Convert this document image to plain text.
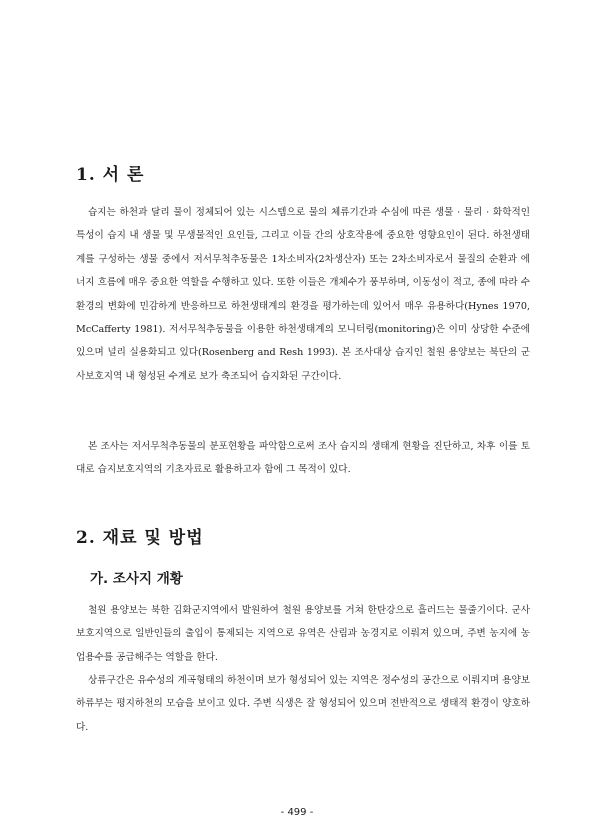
1. 서 론

습지는 하천과 달리 물이 정체되어 있는 시스템으로 물의 체류기간과 수심에 따른 생물 · 물리 · 화학적인 특성이 습지 내 생물 및 무생물적인 요인들, 그리고 이들 간의 상호작용에 중요한 영향요인이 된다. 하천생태계를 구성하는 생물 중에서 저서무척추동물은 1차소비자(2차생산자) 또는 2차소비자로서 물질의 순환과 에너지 흐름에 매우 중요한 역할을 수행하고 있다. 또한 이들은 개체수가 풍부하며, 이동성이 적고, 종에 따라 수환경의 변화에 민감하게 반응하므로 하천생태계의 환경을 평가하는데 있어서 매우 유용하다(Hynes 1970, McCafferty 1981). 저서무척추동물을 이용한 하천생태계의 모니터링(monitoring)은 이미 상당한 수준에 있으며 널리 실용화되고 있다(Rosenberg and Resh 1993). 본 조사대상 습지인 철원 용양보는 북단의 군사보호지역 내 형성된 수계로 보가 축조되어 습지화된 구간이다.

본 조사는 저서무척추동물의 분포현황을 파악함으로써 조사 습지의 생태계 현황을 진단하고, 차후 이를 토대로 습지보호지역의 기초자료로 활용하고자 함에 그 목적이 있다.

2. 재료 및 방법
가. 조사지 개황

철원 용양보는 북한 김화군지역에서 발원하여 철원 용양보를 거쳐 한탄강으로 흘러드는 물줄기이다. 군사보호지역으로 일반인들의 출입이 통제되는 지역으로 유역은 산림과 농경지로 이뤄져 있으며, 주변 농지에 농업용수를 공급해주는 역할을 한다.

상류구간은 유수성의 계곡형태의 하천이며 보가 형성되어 있는 지역은 정수성의 공간으로 이뤄지며 용양보 하류부는 평지하천의 모습을 보이고 있다. 주변 식생은 잘 형성되어 있으며 전반적으로 생태적 환경이 양호하다.

- 499 -
